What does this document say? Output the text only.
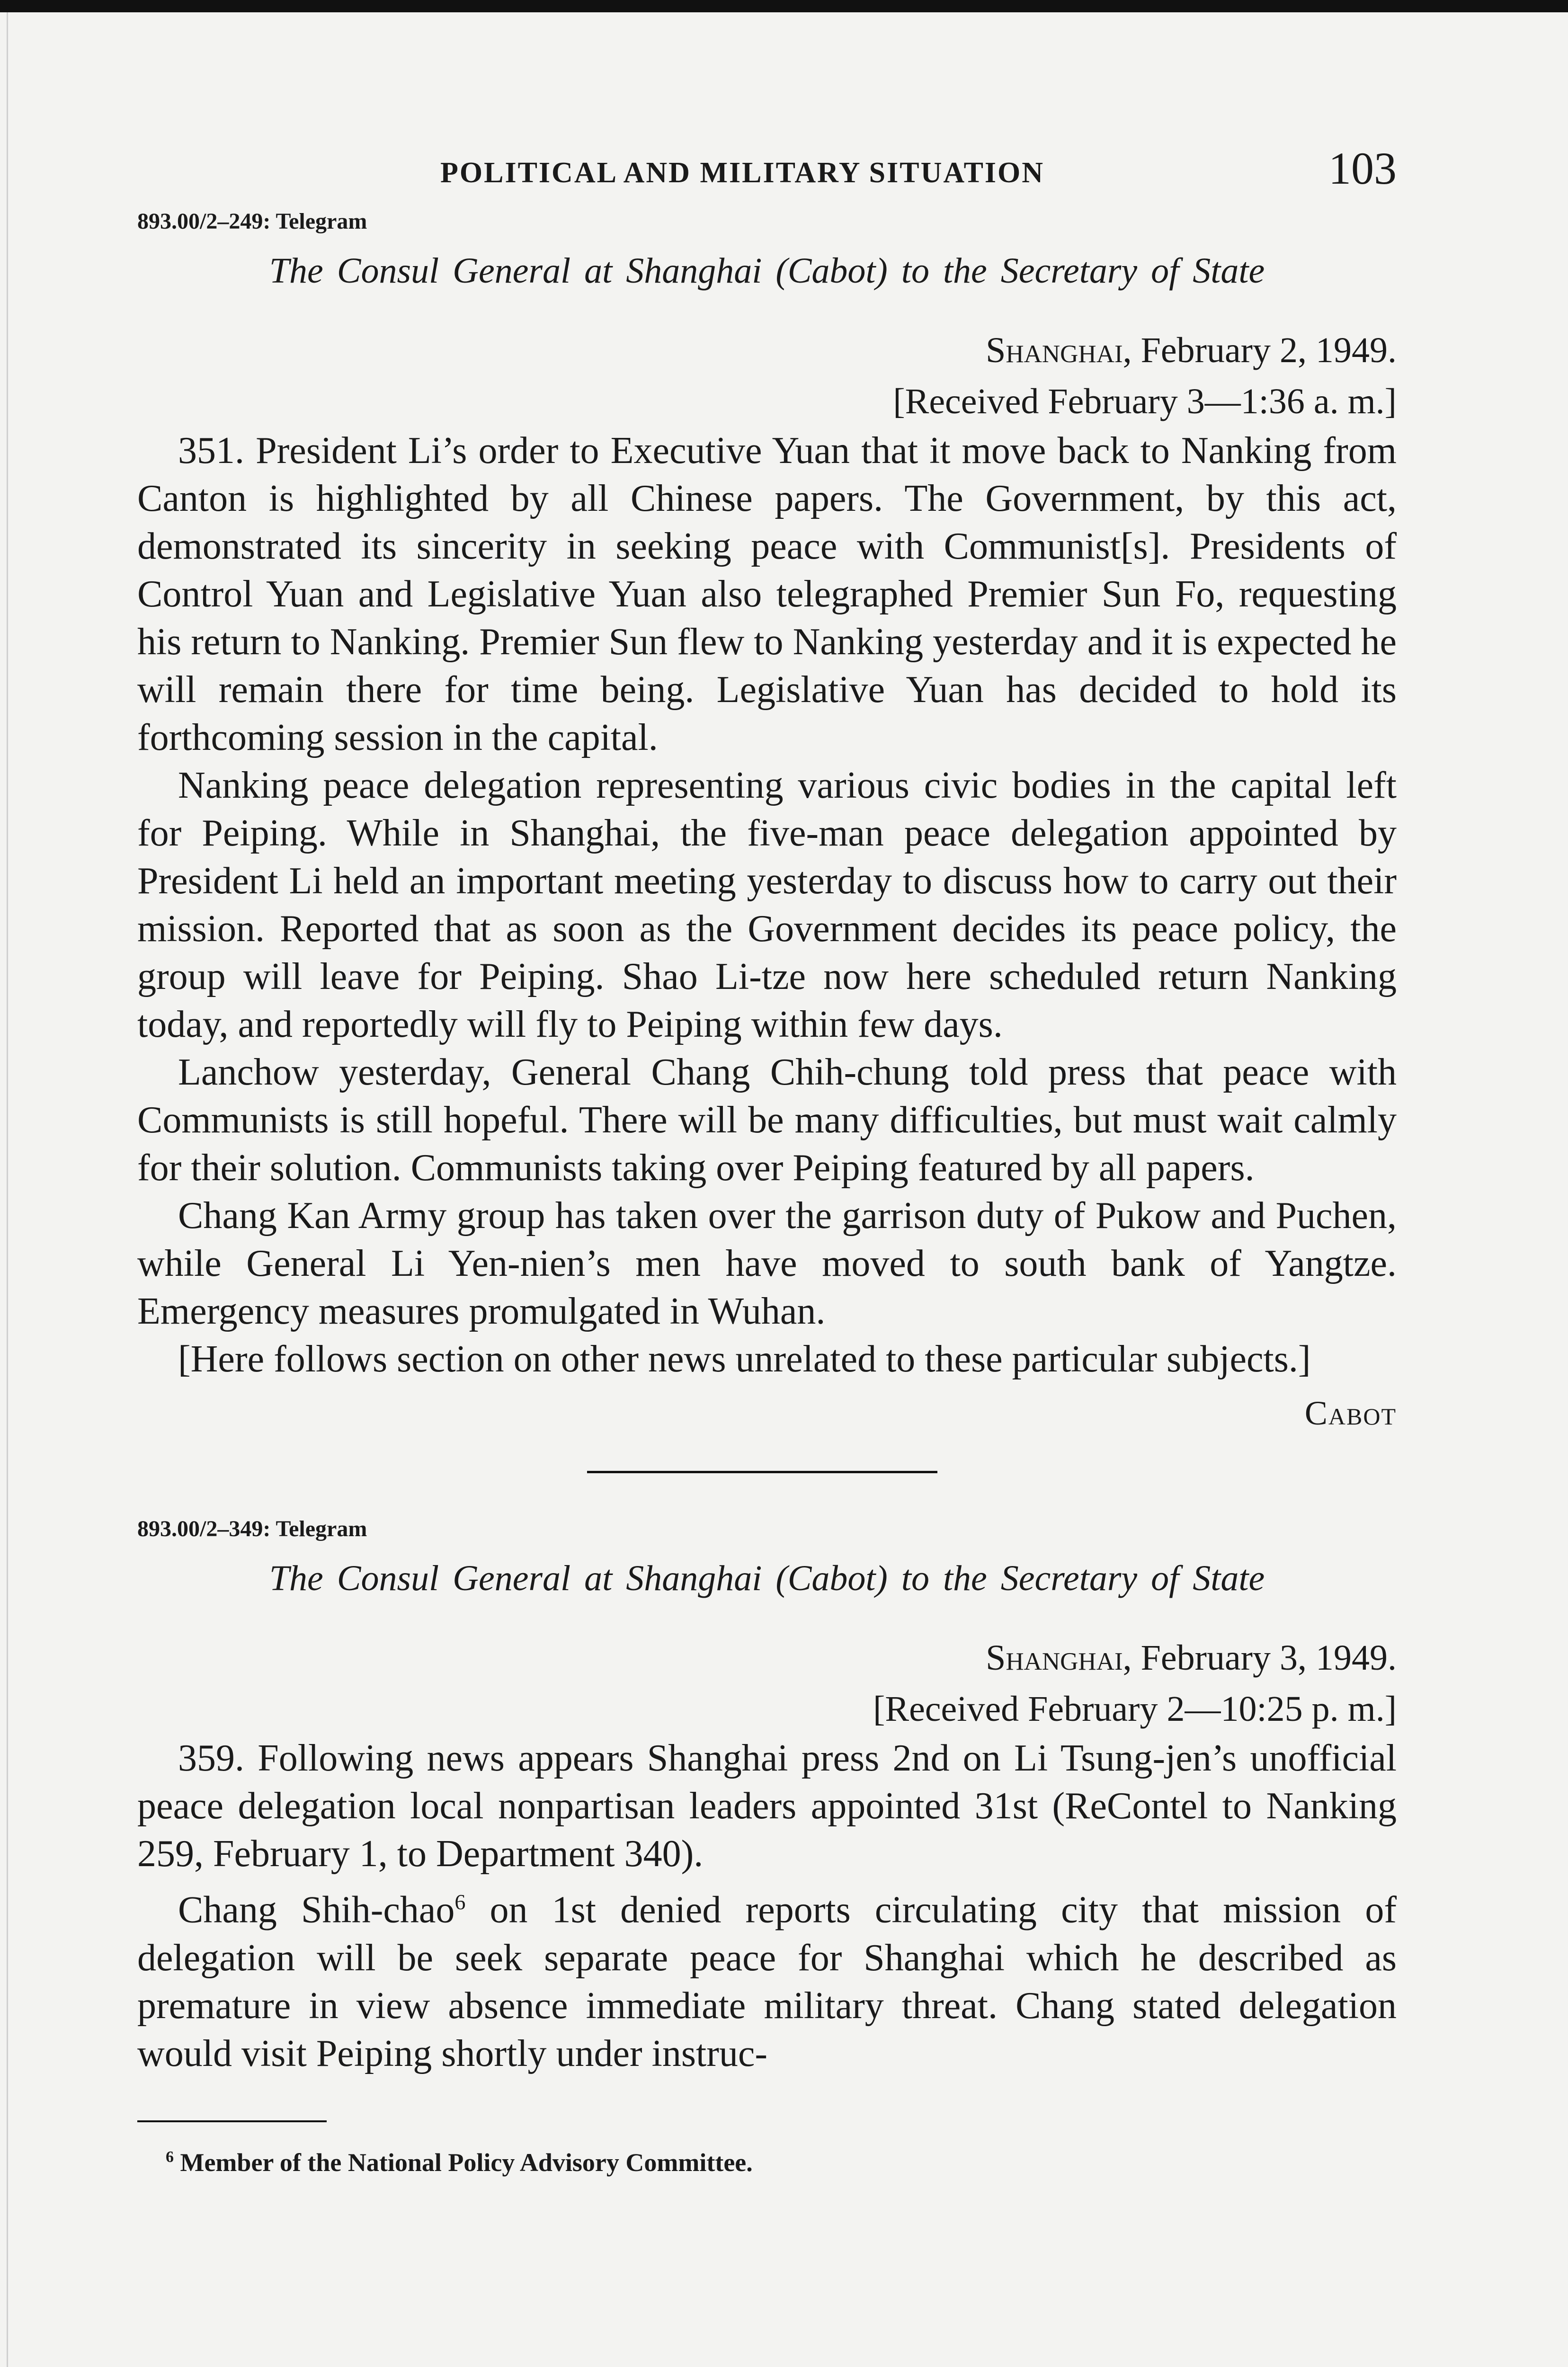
POLITICAL AND MILITARY SITUATION	103
893.00/2–249: Telegram
The Consul General at Shanghai (Cabot) to the Secretary of State
Shanghai, February 2, 1949.
[Received February 3—1:36 a. m.]

351. President Li’s order to Executive Yuan that it move back to Nanking from Canton is highlighted by all Chinese papers. The Government, by this act, demonstrated its sincerity in seeking peace with Communist[s]. Presidents of Control Yuan and Legislative Yuan also telegraphed Premier Sun Fo, requesting his return to Nanking. Premier Sun flew to Nanking yesterday and it is expected he will remain there for time being. Legislative Yuan has decided to hold its forthcoming session in the capital.

Nanking peace delegation representing various civic bodies in the capital left for Peiping. While in Shanghai, the five-man peace delegation appointed by President Li held an important meeting yesterday to discuss how to carry out their mission. Reported that as soon as the Government decides its peace policy, the group will leave for Peiping. Shao Li-tze now here scheduled return Nanking today, and reportedly will fly to Peiping within few days.

Lanchow yesterday, General Chang Chih-chung told press that peace with Communists is still hopeful. There will be many difficulties, but must wait calmly for their solution. Communists taking over Peiping featured by all papers.

Chang Kan Army group has taken over the garrison duty of Pukow and Puchen, while General Li Yen-nien’s men have moved to south bank of Yangtze. Emergency measures promulgated in Wuhan.

[Here follows section on other news unrelated to these particular subjects.]

Cabot
893.00/2–349: Telegram
The Consul General at Shanghai (Cabot) to the Secretary of State
Shanghai, February 3, 1949.
[Received February 2—10:25 p. m.]

359. Following news appears Shanghai press 2nd on Li Tsung-jen’s unofficial peace delegation local nonpartisan leaders appointed 31st (ReContel to Nanking 259, February 1, to Department 340).

Chang Shih-chao$^6$ on 1st denied reports circulating city that mission of delegation will be seek separate peace for Shanghai which he described as premature in view absence immediate military threat. Chang stated delegation would visit Peiping shortly under instruc-

$^6$ Member of the National Policy Advisory Committee.
